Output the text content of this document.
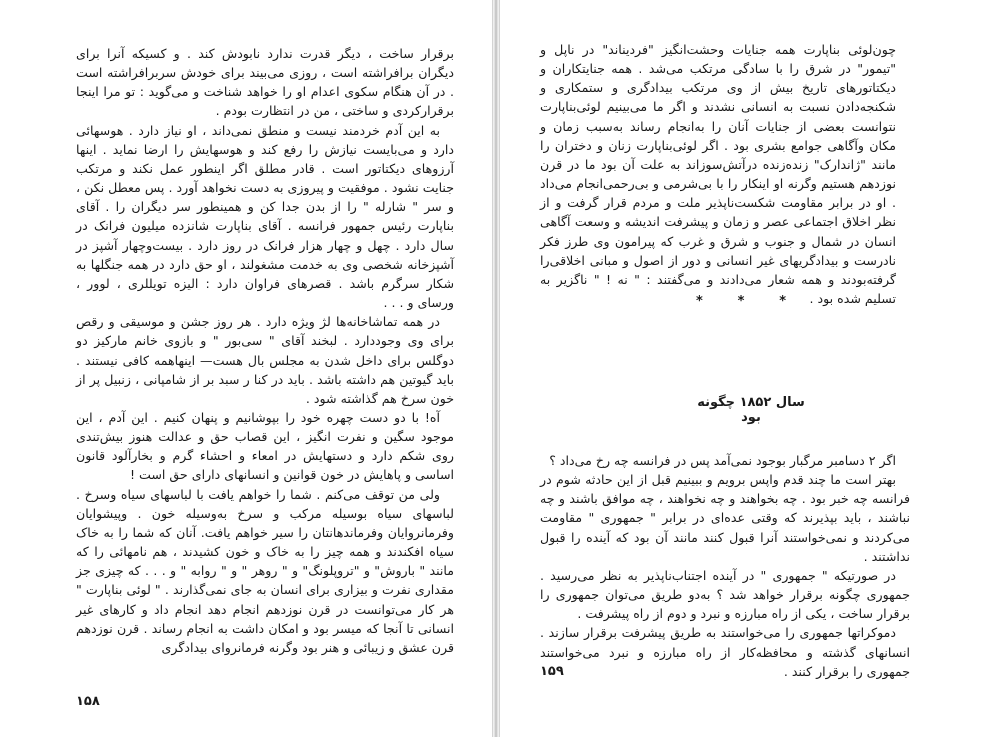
برقرار ساخت ، دیگر قدرت ندارد نابودش کند . و کسیکه آنرا برای دیگران برافراشته است ، روزی می‌بیند برای خودش سربرافراشته است . در آن هنگام سکوی اعدام او را خواهد شناخت و می‌گوید : تو مرا اینجا برقرارکردی و ساختی ، من در انتظارت بودم .

به این آدم خردمند نیست و منطق نمی‌داند ، او نیاز دارد . هوسهائی دارد و می‌بایست نیازش را رفع کند و هوسهایش را ارضا نماید . اینها آرزوهای دیکتاتور است . قادر مطلق اگر اینطور عمل نکند و مرتکب جنایت نشود . موفقیت و پیروزی به دست نخواهد آورد . پس معطل نکن ، و سر " شارله " را از بدن جدا کن و همینطور سر دیگران را . آقای بناپارت رئیس جمهور فرانسه . آقای بناپارت شانزده میلیون فرانک در سال دارد . چهل و چهار هزار فرانک در روز دارد . بیست‌وچهار آشپز در آشپزخانه شخصی وی به خدمت مشغولند ، او حق دارد در همه جنگلها به شکار سرگرم باشد . قصرهای فراوان دارد : الیزه تویللری ، لوور ، ورسای و . . .

در همه تماشاخانه‌ها لژ ویژه دارد . هر روز جشن و موسیقی و رقص برای وی وجوددارد . لبخند آقای " سی‌بور " و بازوی خانم مارکیز دو دوگلس برای داخل شدن به مجلس بال هست— اینهاهمه کافی نیستند . باید گیوتین هم داشته باشد . باید در کنا ر سبد بر از شامپانی ، زنبیل پر از خون سرخ هم گذاشته شود .

آه! با دو دست چهره خود را بپوشانیم و پنهان کنیم . این آدم ، این موجود سگین و نفرت انگیز ، این قصاب حق و عدالت هنوز بیش‌تندی روی شکم دارد و دستهایش در امعاء و احشاء گرم و بخارآلود قانون اساسی و پاهایش در خون قوانین و انسانهای دارای حق است !

ولی من توقف می‌کنم . شما را خواهم یافت با لباسهای سیاه وسرخ . لباسهای سیاه بوسیله مرکب و سرخ به‌وسیله خون . وپیشوایان وفرمانروایان وفرماندهانتان را سیر خواهم یافت. آنان که شما را به خاک سیاه افکندند و همه چیز را به خاک و خون کشیدند ، هم نامهائی را که مانند " باروش" و "تروپلونگ" و " روهر " و " روابه " و . . . که چیزی جز مقداری نفرت و بیزاری برای انسان به جای نمی‌گذارند . " لوئی بناپارت " هر کار می‌توانست در قرن نوزدهم انجام دهد انجام داد و کارهای غیر انسانی تا آنجا که میسر بود و امکان داشت به انجام رساند . قرن نوزدهم قرن عشق و زیبائی و هنر بود وگرنه فرمانروای بیدادگری

۱۵۸

چون‌لوئی بناپارت همه جنایات وحشت‌انگیز "فردیناند" در ناپل و "تیمور" در شرق را با سادگی مرتکب می‌شد . همه جنایتکاران و دیکتاتورهای تاریخ بیش از وی مرتکب بیدادگری و ستمکاری و شکنجه‌دادن نسبت به انسانی نشدند و اگر ما می‌بینیم لوئی‌بناپارت نتوانست بعضی از جنایات آنان را به‌انجام رساند به‌سبب زمان و مکان وآگاهی جوامع بشری بود . اگر لوئی‌بناپارت زنان و دختران را مانند "ژاندارک" زنده‌زنده درآتش‌سوزاند به علت آن بود ما در قرن نوزدهم هستیم وگرنه او اینکار را با بی‌شرمی و بی‌رحمی‌انجام می‌داد . او در برابر مقاومت شکست‌ناپذیر ملت و مردم قرار گرفت و از نظر اخلاق اجتماعی عصر و زمان و پیشرفت اندیشه و وسعت آگاهی انسان در شمال و جنوب و شرق و غرب که پیرامون وی طرز فکر نادرست و بیدادگریهای غیر انسانی و دور از اصول و مبانی اخلاقی‌را گرفته‌بودند و همه شعار می‌دادند و می‌گفتند : " نه ! " ناگزیر به تسلیم شده بود .

*	*	*
سال ۱۸۵۲ چگونه بود

اگر ۲ دسامبر مرگبار بوجود نمی‌آمد پس در فرانسه چه رخ می‌داد ؟

بهتر است ما چند قدم واپس برویم و ببینیم قبل از این حادثه شوم در فرانسه چه خبر بود . چه بخواهند و چه نخواهند ، چه موافق باشند و چه نباشند ، باید بپذیرند که وقتی عده‌ای در برابر " جمهوری " مقاومت می‌کردند و نمی‌خواستند آنرا قبول کنند مانند آن بود که آینده را قبول نداشتند .

در صورتیکه " جمهوری " در آینده اجتناب‌ناپذیر به نظر می‌رسید . جمهوری چگونه برقرار خواهد شد ؟ به‌دو طریق می‌توان جمهوری را برقرار ساخت ، یکی از راه مبارزه و نبرد و دوم از راه پیشرفت .

دموکراتها جمهوری را می‌خواستند به طریق پیشرفت برقرار سازند . انسانهای گذشته و محافظه‌کار از راه مبارزه و نبرد می‌خواستند جمهوری را برقرار کنند .

۱۵۹
